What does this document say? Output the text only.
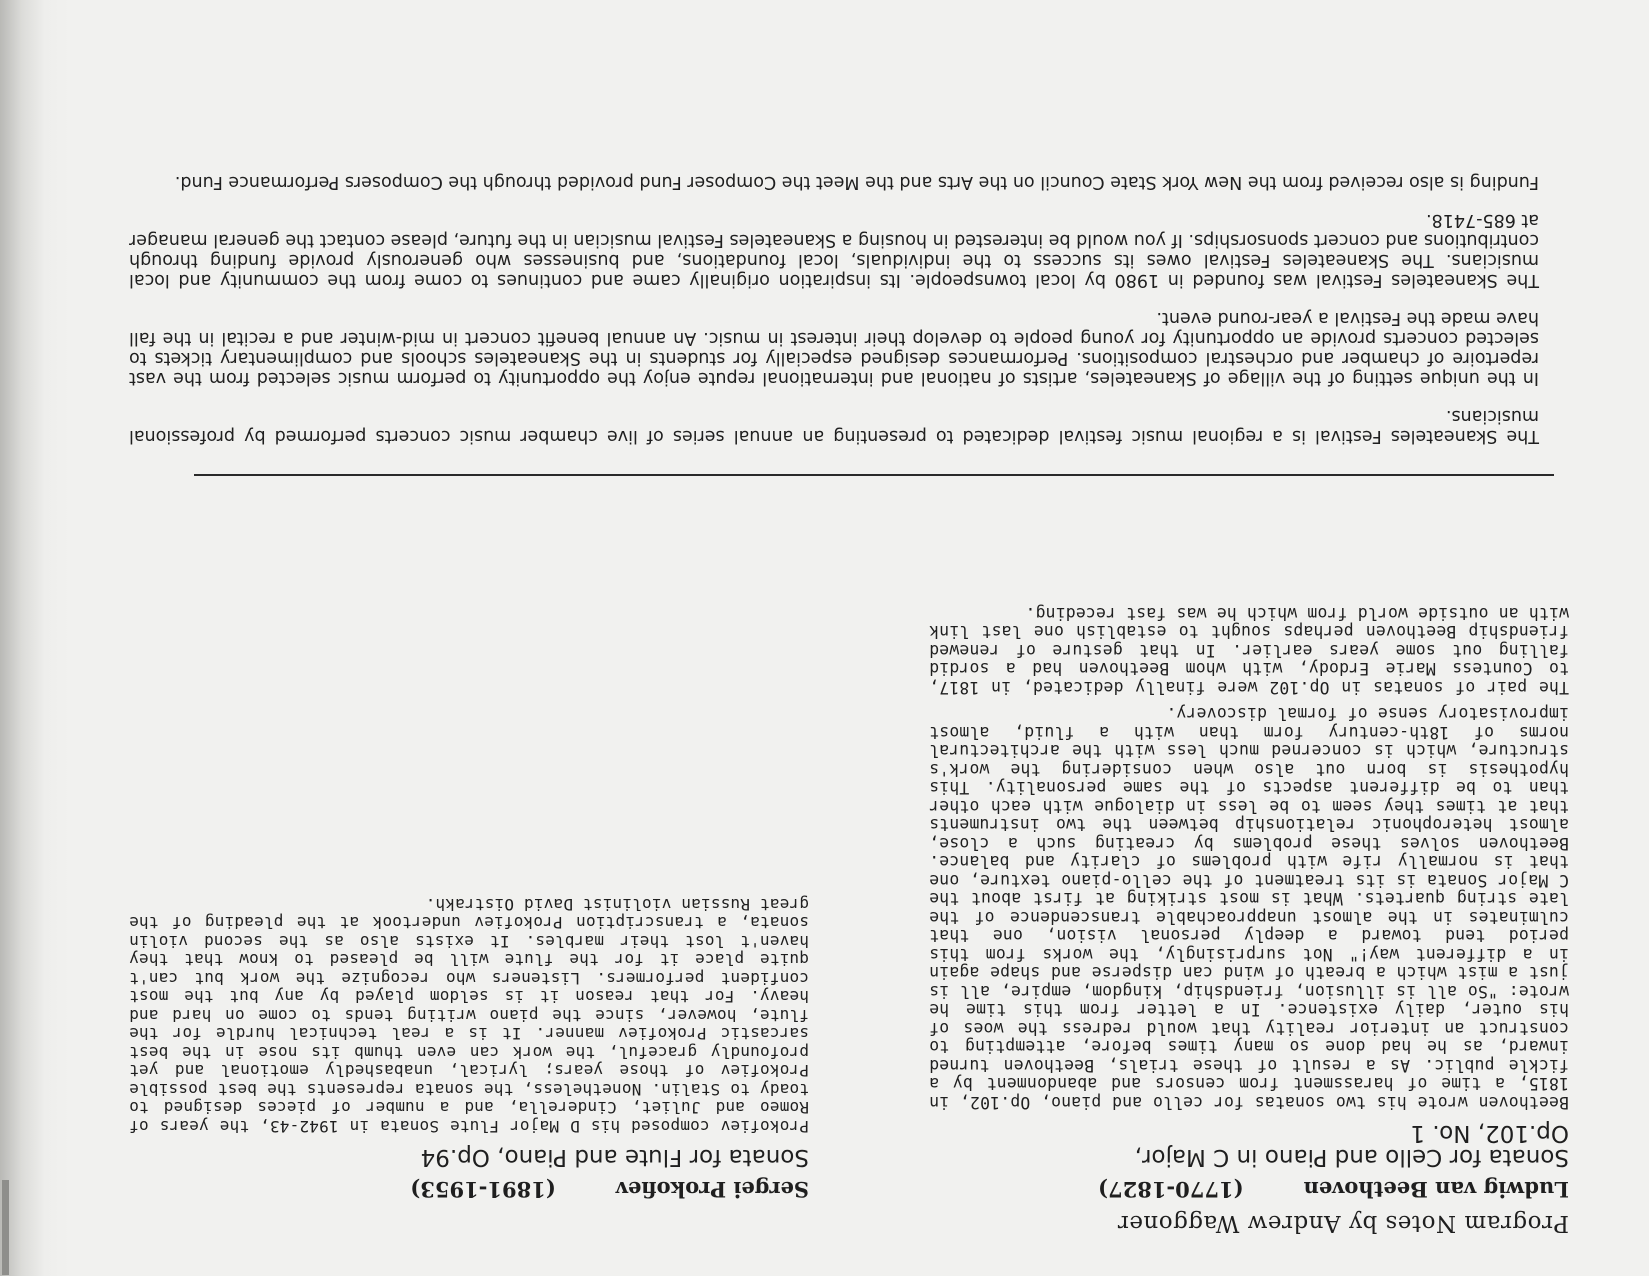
Program Notes by Andrew Waggoner
Ludwig van Beethoven
(1770-1827)
Sonata for Cello and Piano in C Major,
Op.102, No. 1

Beethoven wrote his two sonatas for cello and piano, Op.102, in 1815, a time of harassment from censors and abandonment by a fickle public. As a result of these trials, Beethoven turned inward, as he had done so many times before, attempting to construct an interior reality that would redress the woes of his outer, daily existence. In a letter from this time he wrote: "So all is illusion, friendship, kingdom, empire, all is just a mist which a breath of wind can disperse and shape again in a different way!" Not surprisingly, the works from this period tend toward a deeply personal vision, one that culminates in the almost unapproachable transcendence of the late string quartets. What is most striking at first about the C Major Sonata is its treatment of the cello-piano texture, one that is normally rife with problems of clarity and balance. Beethoven solves these problems by creating such a close, almost heterophonic relationship between the two instruments that at times they seem to be less in dialogue with each other than to be different aspects of the same personality. This hypothesis is born out also when considering the work's structure, which is concerned much less with the architectural norms of 18th-century form than with a fluid, almost improvisatory sense of formal discovery.

The pair of sonatas in Op.102 were finally dedicated, in 1817, to Countess Marie Erdody, with whom Beethoven had a sordid falling out some years earlier. In that gesture of renewed friendship Beethoven perhaps sought to establish one last link with an outside world from which he was fast receding.

Sergei Prokofiev
(1891-1953)
Sonata for Flute and Piano, Op.94

Prokofiev composed his D Major Flute Sonata in 1942-43, the years of Romeo and Juliet, Cinderella, and a number of pieces designed to toady to Stalin. Nonetheless, the sonata represents the best possible Prokofiev of those years; lyrical, unabashedly emotional and yet profoundly graceful, the work can even thumb its nose in the best sarcastic Prokofiev manner. It is a real technical hurdle for the flute, however, since the piano writing tends to come on hard and heavy. For that reason it is seldom played by any but the most confident performers. Listeners who recognize the work but can't quite place it for the flute will be pleased to know that they haven't lost their marbles. It exists also as the second violin sonata, a transcription Prokofiev undertook at the pleading of the great Russian violinist David Oistrakh.

The Skaneateles Festival is a regional music festival dedicated to presenting an annual series of live chamber music concerts performed by professional musicians.

In the unique setting of the village of Skaneateles, artists of national and international repute enjoy the opportunity to perform music selected from the vast repertoire of chamber and orchestral compositions. Performances designed especially for students in the Skaneateles schools and complimentary tickets to selected concerts provide an opportunity for young people to develop their interest in music. An annual benefit concert in mid-winter and a recital in the fall have made the Festival a year-round event.

The Skaneateles Festival was founded in 1980 by local townspeople. Its inspiration originally came and continues to come from the community and local musicians. The Skaneateles Festival owes its success to the individuals, local foundations, and businesses who generously provide funding through contributions and concert sponsorships. If you would be interested in housing a Skaneateles Festival musician in the future, please contact the general manager at 685-7418.

Funding is also received from the New York State Council on the Arts and the Meet the Composer Fund provided through the Composers Performance Fund.
